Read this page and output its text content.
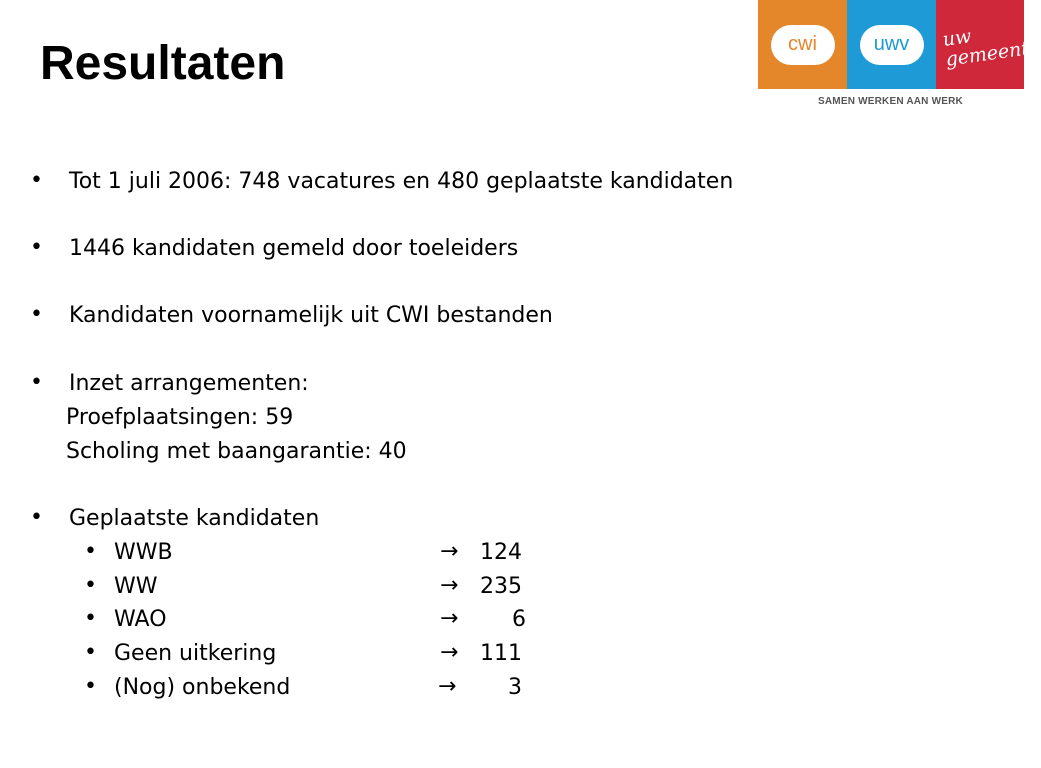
Resultaten	cwi	uwv	uw gemeente
SAMEN WERKEN AAN WERK
• Tot 1 juli 2006: 748 vacatures en 480 geplaatste kandidaten
• 1446 kandidaten gemeld door toeleiders
• Kandidaten voornamelijk uit CWI bestanden
• Inzet arrangementen:
Proefplaatsingen: 59
Scholing met baangarantie: 40
• Geplaatste kandidaten
• WWB	→ 124
• WW	→ 235
• WAO	→	6
• Geen uitkering	→ 111
• (Nog) onbekend	→	3
